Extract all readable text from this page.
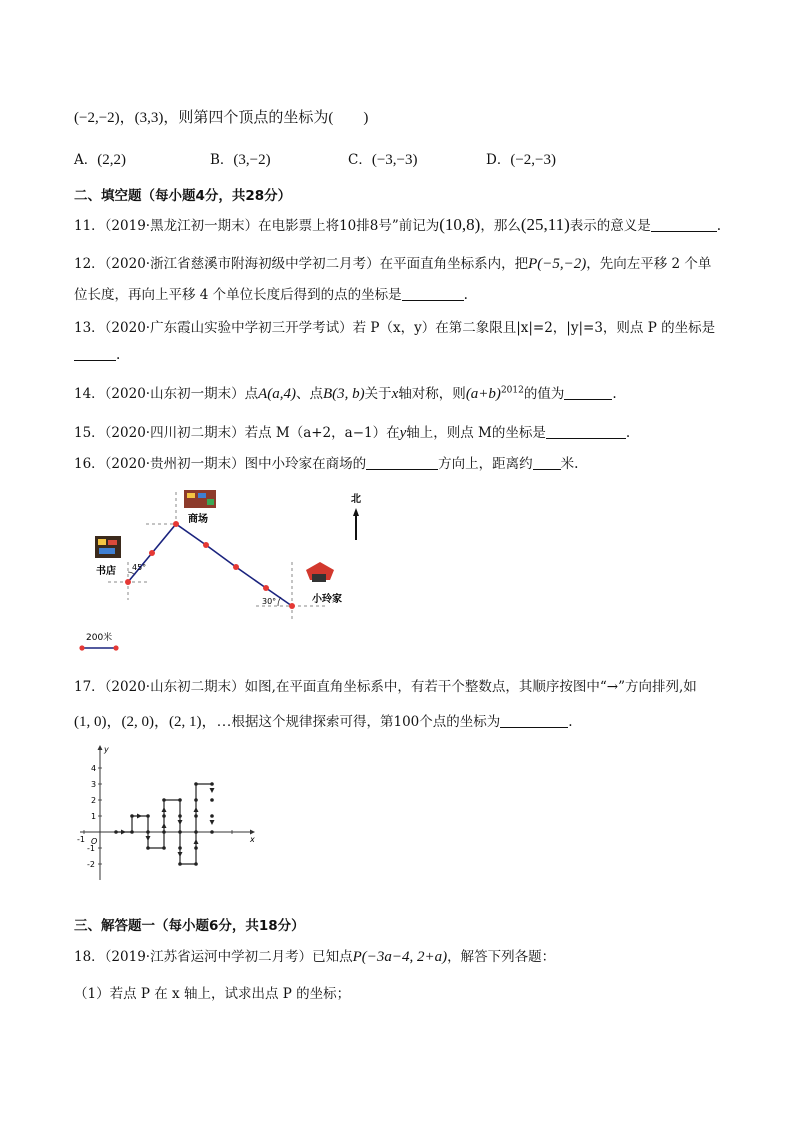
(−2,−2)，(3,3)，则第四个顶点的坐标为(　　)
A．(2,2)	B．(3,−2)	C．(−3,−3)	D．(−2,−3)
二、填空题（每小题4分，共28分）
11．（2019·黑龙江初一期末）在电影票上将10排8号”前记为(10,8)，那么(25,11)表示的意义是	.
12．（2020·浙江省慈溪市附海初级中学初二月考）在平面直角坐标系内，把P(−5,−2)，先向左平移 2 个单
位长度，再向上平移 4 个单位长度后得到的点的坐标是	.
13．（2020·广东霞山实验中学初三开学考试）若 P（x，y）在第二象限且|x|=2，|y|=3，则点 P 的坐标是
.
14．（2020·山东初一期末）点A(a,4)、点B(3, b)关于x轴对称，则$(a+b)^{2012}$的值为	.
15．（2020·四川初二期末）若点 M（a+2，a−1）在y轴上，则点 M的坐标是	.
16．（2020·贵州初一期末）图中小玲家在商场的	方向上，距离约 米.
商场
书店
小玲家
45°
30°
北
200米
17．（2020·山东初二期末）如图,在平面直角坐标系中，有若干个整数点，其顺序按图中“→”方向排列,如
(1, 0)，(2, 0)，(2, 1)，…根据这个规律探索可得，第100个点的坐标为	.
y
x
O
4
3
2
1
-1
-2
-1
三、解答题一（每小题6分，共18分）
18．（2019·江苏省运河中学初二月考）已知点P(−3a−4, 2+a)，解答下列各题：
（1）若点 P 在 x 轴上，试求出点 P 的坐标；
